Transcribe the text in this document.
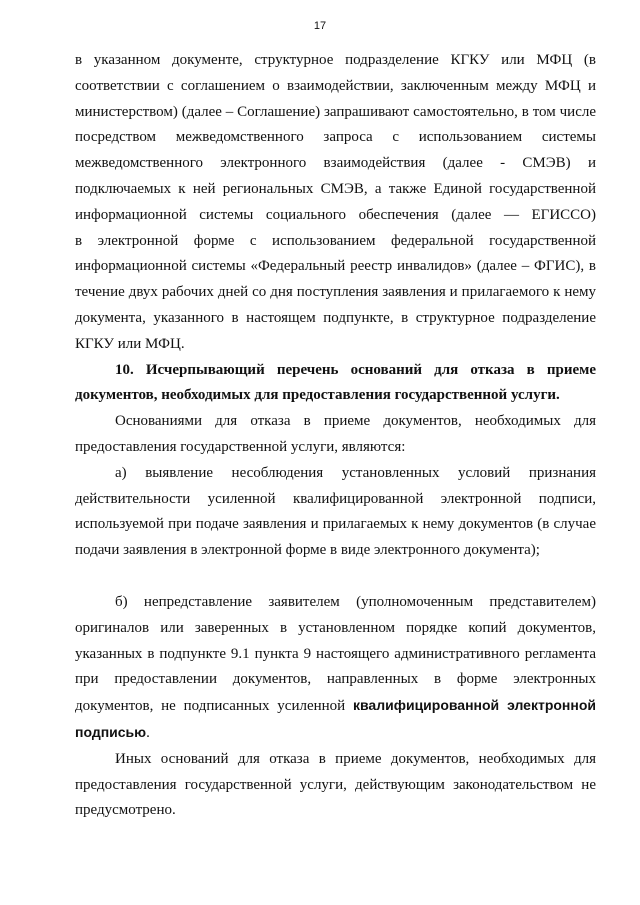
17

в указанном документе, структурное подразделение КГКУ или МФЦ (в соответствии с соглашением о взаимодействии, заключенным между МФЦ и министерством) (далее – Соглашение) запрашивают самостоятельно, в том числе посредством межведомственного запроса с использованием системы межведомственного электронного взаимодействия (далее - СМЭВ) и подключаемых к ней региональных СМЭВ, а также Единой государственной информационной системы социального обеспечения (далее — ЕГИССО)

в электронной форме с использованием федеральной государственной информационной системы «Федеральный реестр инвалидов» (далее – ФГИС), в течение двух рабочих дней со дня поступления заявления и прилагаемого к нему документа, указанного в настоящем подпункте, в структурное подразделение КГКУ или МФЦ.

10. Исчерпывающий перечень оснований для отказа в приеме документов, необходимых для предоставления государственной услуги.

Основаниями для отказа в приеме документов, необходимых для предоставления государственной услуги, являются:

а) выявление несоблюдения установленных условий признания действительности усиленной квалифицированной электронной подписи, используемой при подаче заявления и прилагаемых к нему документов (в случае подачи заявления в электронной форме в виде электронного документа);

б) непредставление заявителем (уполномоченным представителем) оригиналов или заверенных в установленном порядке копий документов, указанных в подпункте 9.1 пункта 9 настоящего административного регламента при предоставлении документов, направленных в форме электронных документов, не подписанных усиленной квалифицированной электронной подписью.

Иных оснований для отказа в приеме документов, необходимых для предоставления государственной услуги, действующим законодательством не предусмотрено.
